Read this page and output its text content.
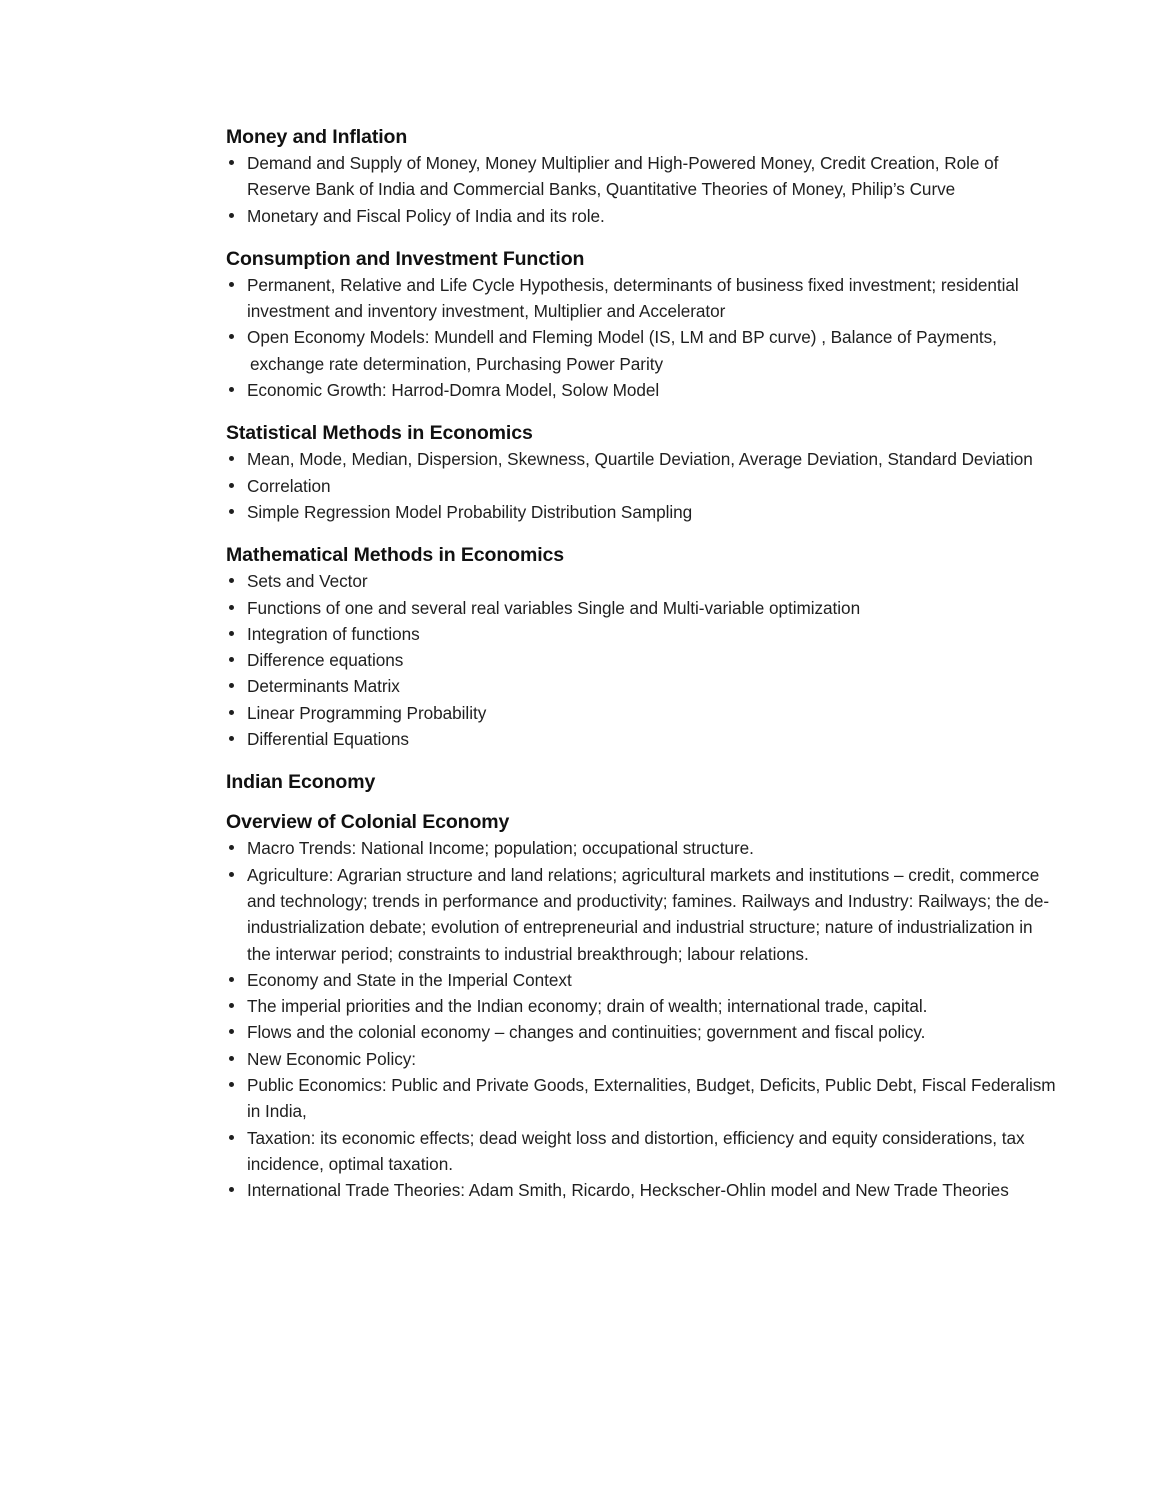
Money and Inflation
Demand and Supply of Money, Money Multiplier and High-Powered Money, Credit Creation, Role of Reserve Bank of India and Commercial Banks, Quantitative Theories of Money, Philip’s Curve
Monetary and Fiscal Policy of India and its role.
Consumption and Investment Function
Permanent, Relative and Life Cycle Hypothesis, determinants of business fixed investment; residential investment and inventory investment, Multiplier and Accelerator
Open Economy Models: Mundell and Fleming Model (IS, LM and BP curve) , Balance of Payments, exchange rate determination, Purchasing Power Parity
Economic Growth: Harrod-Domra Model, Solow Model
Statistical Methods in Economics
Mean, Mode, Median, Dispersion, Skewness, Quartile Deviation, Average Deviation, Standard Deviation
Correlation
Simple Regression Model Probability Distribution Sampling
Mathematical Methods in Economics
Sets and Vector
Functions of one and several real variables Single and Multi-variable optimization
Integration of functions
Difference equations
Determinants Matrix
Linear Programming Probability
Differential Equations
Indian Economy
Overview of Colonial Economy
Macro Trends: National Income; population; occupational structure.
Agriculture: Agrarian structure and land relations; agricultural markets and institutions – credit, commerce and technology; trends in performance and productivity; famines. Railways and Industry: Railways; the de-industrialization debate; evolution of entrepreneurial and industrial structure; nature of industrialization in the interwar period; constraints to industrial breakthrough; labour relations.
Economy and State in the Imperial Context
The imperial priorities and the Indian economy; drain of wealth; international trade, capital.
Flows and the colonial economy – changes and continuities; government and fiscal policy.
New Economic Policy:
Public Economics: Public and Private Goods, Externalities, Budget, Deficits, Public Debt, Fiscal Federalism in India,
Taxation: its economic effects; dead weight loss and distortion, efficiency and equity considerations, tax incidence, optimal taxation.
International Trade Theories: Adam Smith, Ricardo, Heckscher-Ohlin model and New Trade Theories
